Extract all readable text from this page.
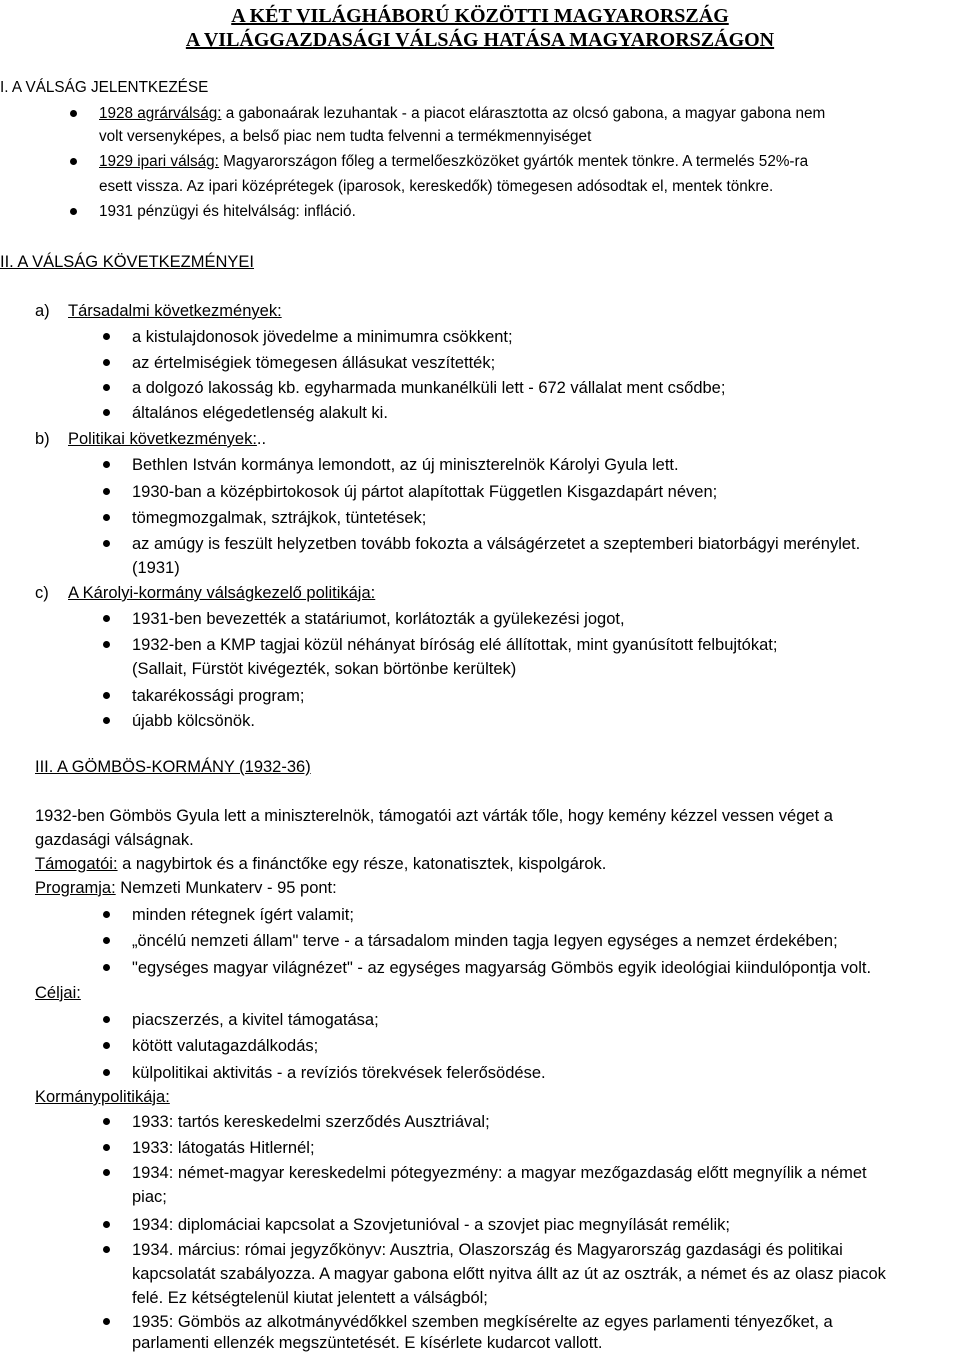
A KÉT VILÁGHÁBORÚ KÖZÖTTI MAGYARORSZÁG
A VILÁGGAZDASÁGI VÁLSÁG HATÁSA MAGYARORSZÁGON
I. A VÁLSÁG JELENTKEZÉSE
1928 agrárválság: a gabonaárak lezuhantak - a piacot elárasztotta az olcsó gabona, a magyar gabona nem
volt versenyképes, a belső piac nem tudta felvenni a termékmennyiséget
1929 ipari válság: Magyarországon főleg a termelőeszközöket gyártók mentek tönkre. A termelés 52%-ra
esett vissza. Az ipari középrétegek (iparosok, kereskedők) tömegesen adósodtak el, mentek tönkre.
1931 pénzügyi és hitelválság: infláció.
II. A VÁLSÁG KÖVETKEZMÉNYEI
a) Társadalmi következmények:
a kistulajdonosok jövedelme a minimumra csökkent;
az értelmiségiek tömegesen állásukat veszítették;
a dolgozó lakosság kb. egyharmada munkanélküli lett - 672 vállalat ment csődbe;
általános elégedetlenség alakult ki.
b) Politikai következmények:..
Bethlen István kormánya lemondott, az új miniszterelnök Károlyi Gyula lett.
1930-ban a középbirtokosok új pártot alapítottak Független Kisgazdapárt néven;
tömegmozgalmak, sztrájkok, tüntetések;
az amúgy is feszült helyzetben tovább fokozta a válságérzetet a szeptemberi biatorbágyi merénylet.
(1931)
c) A Károlyi-kormány válságkezelő politikája:
1931-ben bevezették a statáriumot, korlátozták a gyülekezési jogot,
1932-ben a KMP tagjai közül néhányat bíróság elé állítottak, mint gyanúsított felbujtókat;
(Sallait, Fürstöt kivégezték, sokan börtönbe kerültek)
takarékossági program;
újabb kölcsönök.
III. A GÖMBÖS-KORMÁNY (1932-36)
1932-ben Gömbös Gyula lett a miniszterelnök, támogatói azt várták tőle, hogy kemény kézzel vessen véget a
gazdasági válságnak.
Támogatói: a nagybirtok és a finánctőke egy része, katonatisztek, kispolgárok.
Programja: Nemzeti Munkaterv - 95 pont:
minden rétegnek ígért valamit;
„öncélú nemzeti állam" terve - a társadalom minden tagja Iegyen egységes a nemzet érdekében;
"egységes magyar világnézet" - az egységes magyarság Gömbös egyik ideológiai kiindulópontja volt.
Céljai:
piacszerzés, a kivitel támogatása;
kötött valutagazdálkodás;
külpolitikai aktivitás - a revíziós törekvések felerősödése.
Kormánypolitikája:
1933: tartós kereskedelmi szerződés Ausztriával;
1933: látogatás Hitlernél;
1934: német-magyar kereskedelmi pótegyezmény: a magyar mezőgazdaság előtt megnyílik a német
piac;
1934: diplomáciai kapcsolat a Szovjetunióval - a szovjet piac megnyílását remélik;
1934. március: római jegyzőkönyv: Ausztria, Olaszország és Magyarország gazdasági és politikai
kapcsolatát szabályozza. A magyar gabona előtt nyitva állt az út az osztrák, a német és az olasz piacok
felé. Ez kétségtelenül kiutat jelentett a válságból;
1935: Gömbös az alkotmányvédőkkel szemben megkísérelte az egyes parlamenti tényezőket, a
parlamenti ellenzék megszüntetését. E kísérlete kudarcot vallott.
